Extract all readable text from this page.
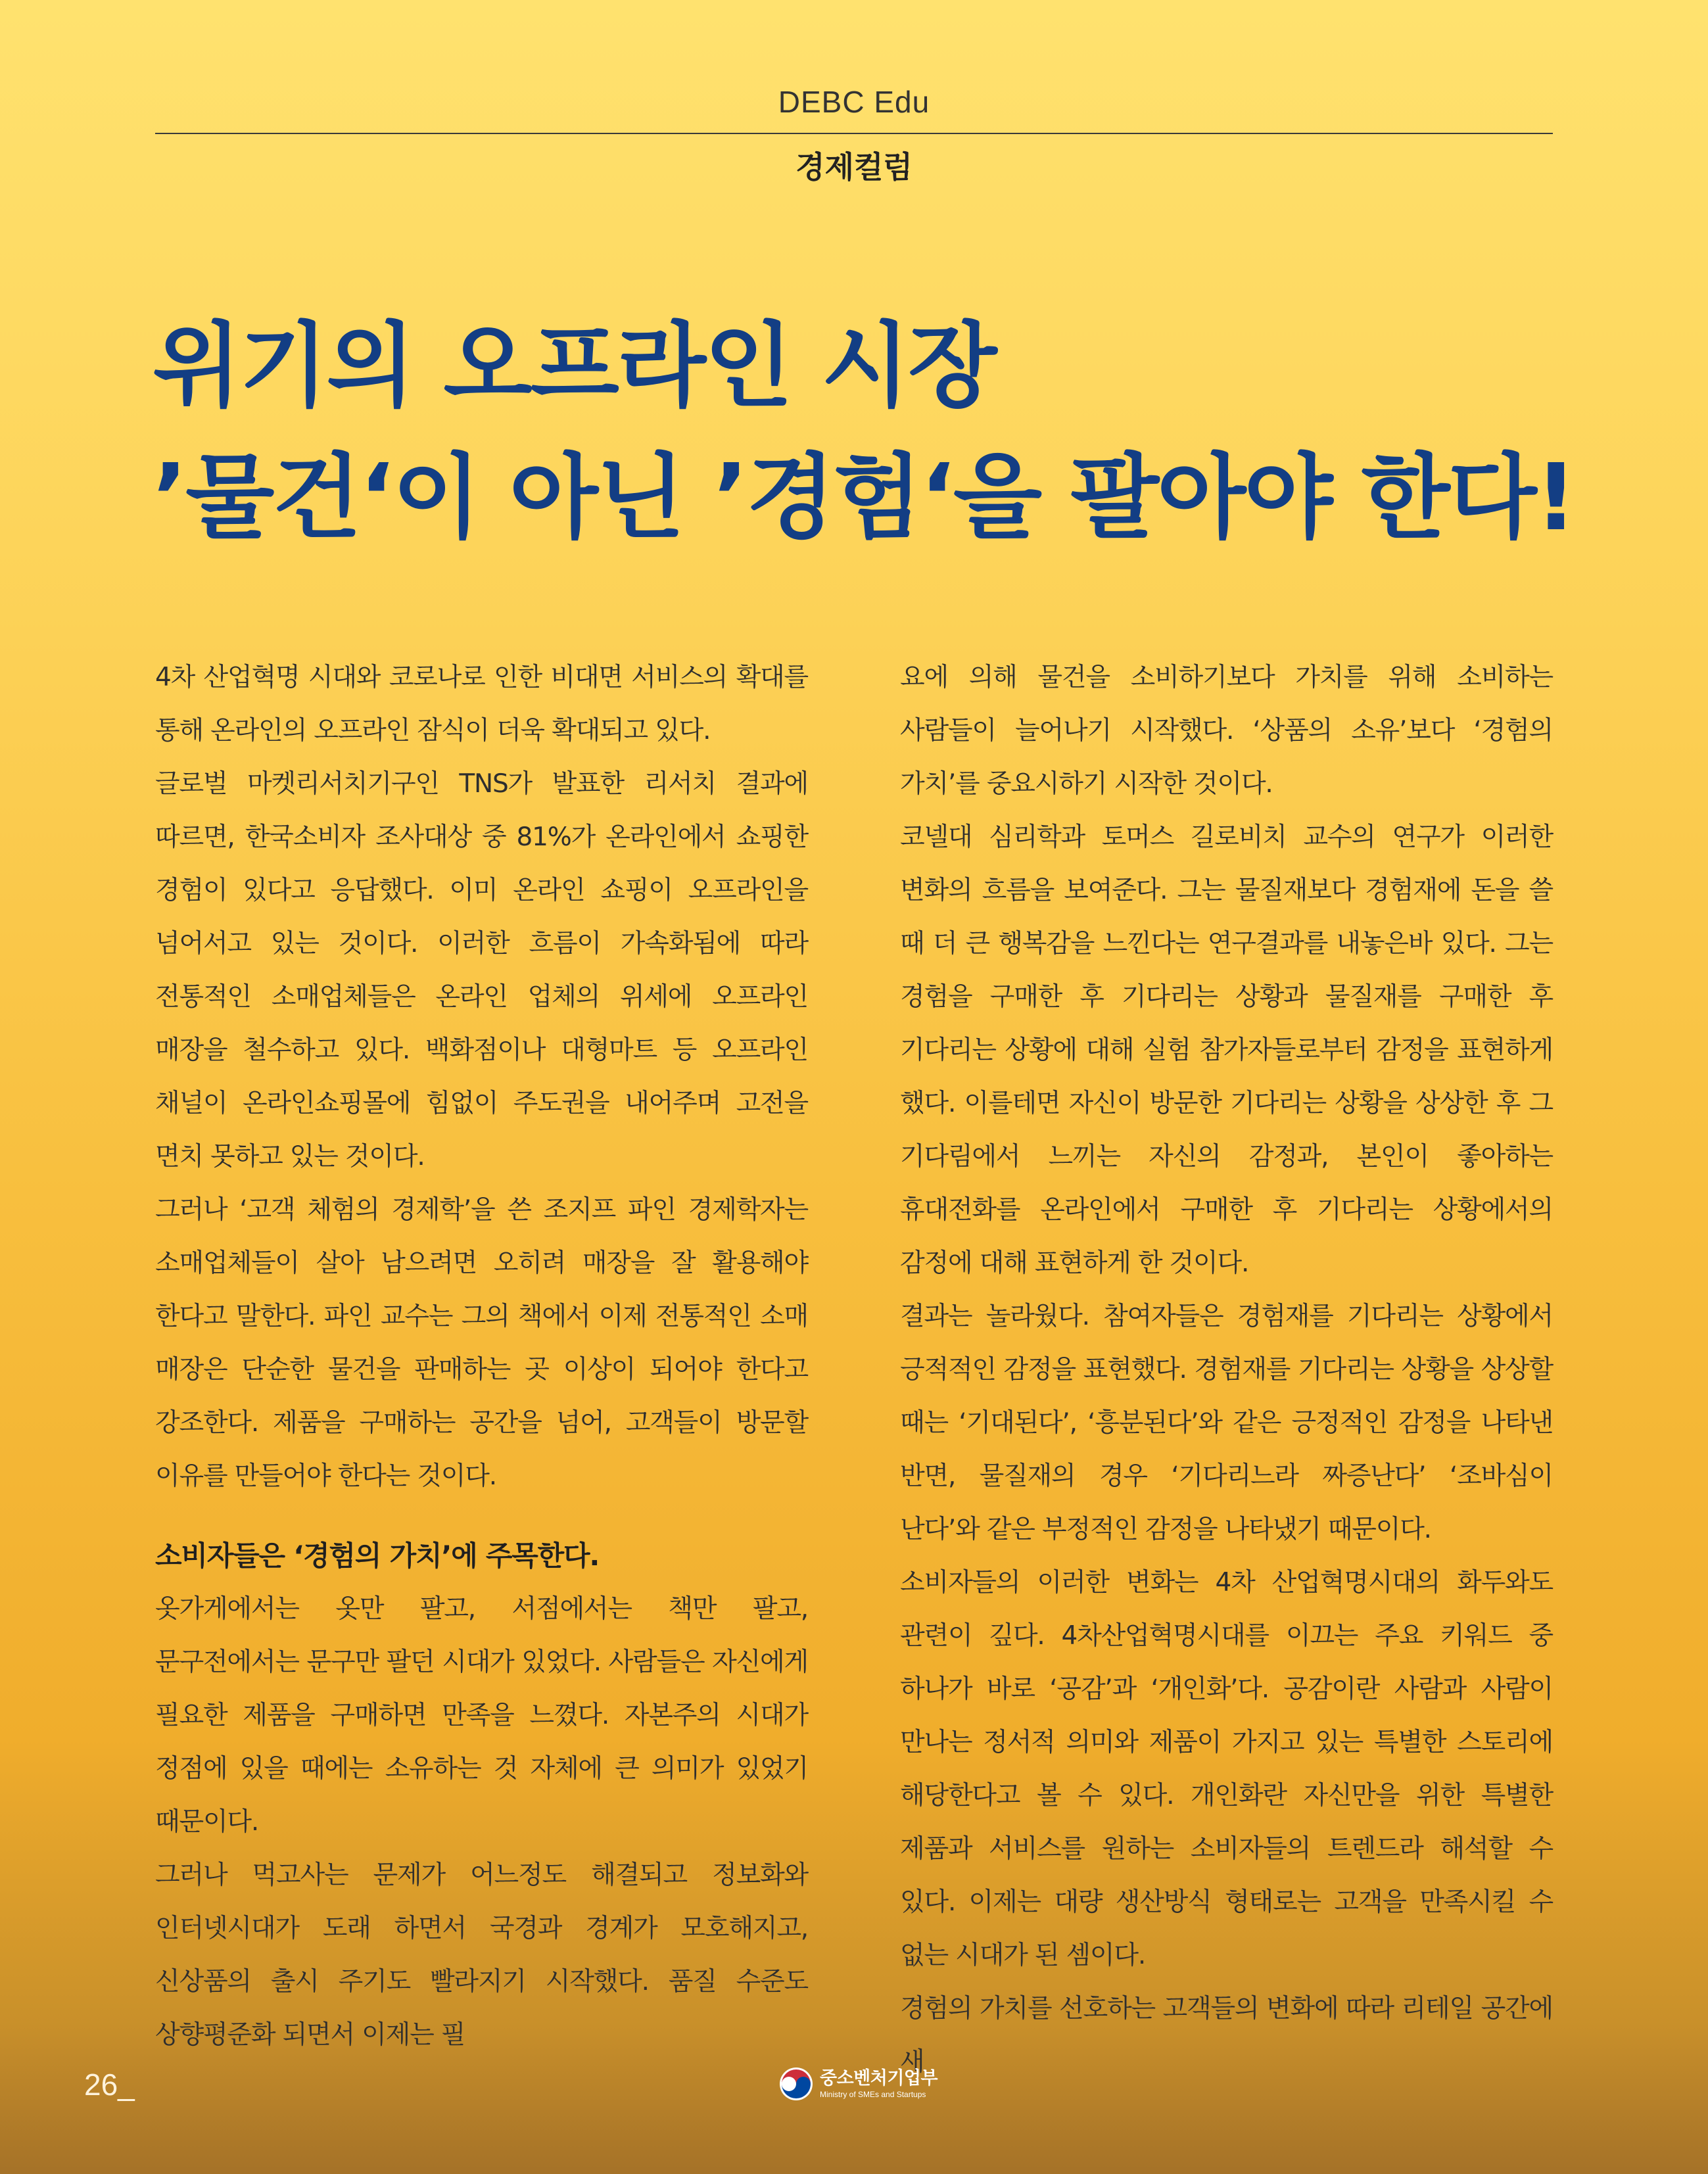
DEBC Edu
경제컬럼
위기의 오프라인 시장
’물건‘이 아닌 ’경험‘을 팔아야 한다!

4차 산업혁명 시대와 코로나로 인한 비대면 서비스의 확대를 통해 온라인의 오프라인 잠식이 더욱 확대되고 있다.

글로벌 마켓리서치기구인 TNS가 발표한 리서치 결과에 따르면, 한국소비자 조사대상 중 81%가 온라인에서 쇼핑한 경험이 있다고 응답했다. 이미 온라인 쇼핑이 오프라인을 넘어서고 있는 것이다. 이러한 흐름이 가속화됨에 따라 전통적인 소매업체들은 온라인 업체의 위세에 오프라인 매장을 철수하고 있다. 백화점이나 대형마트 등 오프라인 채널이 온라인쇼핑몰에 힘없이 주도권을 내어주며 고전을 면치 못하고 있는 것이다.

그러나 ‘고객 체험의 경제학’을 쓴 조지프 파인 경제학자는 소매업체들이 살아 남으려면 오히려 매장을 잘 활용해야 한다고 말한다. 파인 교수는 그의 책에서 이제 전통적인 소매 매장은 단순한 물건을 판매하는 곳 이상이 되어야 한다고 강조한다. 제품을 구매하는 공간을 넘어, 고객들이 방문할 이유를 만들어야 한다는 것이다.

소비자들은 ‘경험의 가치’에 주목한다.

옷가게에서는 옷만 팔고, 서점에서는 책만 팔고, 문구전에서는 문구만 팔던 시대가 있었다. 사람들은 자신에게 필요한 제품을 구매하면 만족을 느꼈다. 자본주의 시대가 정점에 있을 때에는 소유하는 것 자체에 큰 의미가 있었기 때문이다.

그러나 먹고사는 문제가 어느정도 해결되고 정보화와 인터넷시대가 도래 하면서 국경과 경계가 모호해지고, 신상품의 출시 주기도 빨라지기 시작했다. 품질 수준도 상향평준화 되면서 이제는 필

요에 의해 물건을 소비하기보다 가치를 위해 소비하는 사람들이 늘어나기 시작했다. ‘상품의 소유’보다 ‘경험의 가치’를 중요시하기 시작한 것이다.

코넬대 심리학과 토머스 길로비치 교수의 연구가 이러한 변화의 흐름을 보여준다. 그는 물질재보다 경험재에 돈을 쓸 때 더 큰 행복감을 느낀다는 연구결과를 내놓은바 있다. 그는 경험을 구매한 후 기다리는 상황과 물질재를 구매한 후 기다리는 상황에 대해 실험 참가자들로부터 감정을 표현하게 했다. 이를테면 자신이 방문한 기다리는 상황을 상상한 후 그 기다림에서 느끼는 자신의 감정과, 본인이 좋아하는 휴대전화를 온라인에서 구매한 후 기다리는 상황에서의 감정에 대해 표현하게 한 것이다.

결과는 놀라웠다. 참여자들은 경험재를 기다리는 상황에서 긍적적인 감정을 표현했다. 경험재를 기다리는 상황을 상상할 때는 ‘기대된다’, ‘흥분된다’와 같은 긍정적인 감정을 나타낸 반면, 물질재의 경우 ‘기다리느라 짜증난다’ ‘조바심이 난다’와 같은 부정적인 감정을 나타냈기 때문이다.

소비자들의 이러한 변화는 4차 산업혁명시대의 화두와도 관련이 깊다. 4차산업혁명시대를 이끄는 주요 키워드 중 하나가 바로 ‘공감’과 ‘개인화’다. 공감이란 사람과 사람이 만나는 정서적 의미와 제품이 가지고 있는 특별한 스토리에 해당한다고 볼 수 있다. 개인화란 자신만을 위한 특별한 제품과 서비스를 원하는 소비자들의 트렌드라 해석할 수 있다. 이제는 대량 생산방식 형태로는 고객을 만족시킬 수 없는 시대가 된 셈이다.

경험의 가치를 선호하는 고객들의 변화에 따라 리테일 공간에 새

26_	중소벤처기업부
Ministry of SMEs and Startups
